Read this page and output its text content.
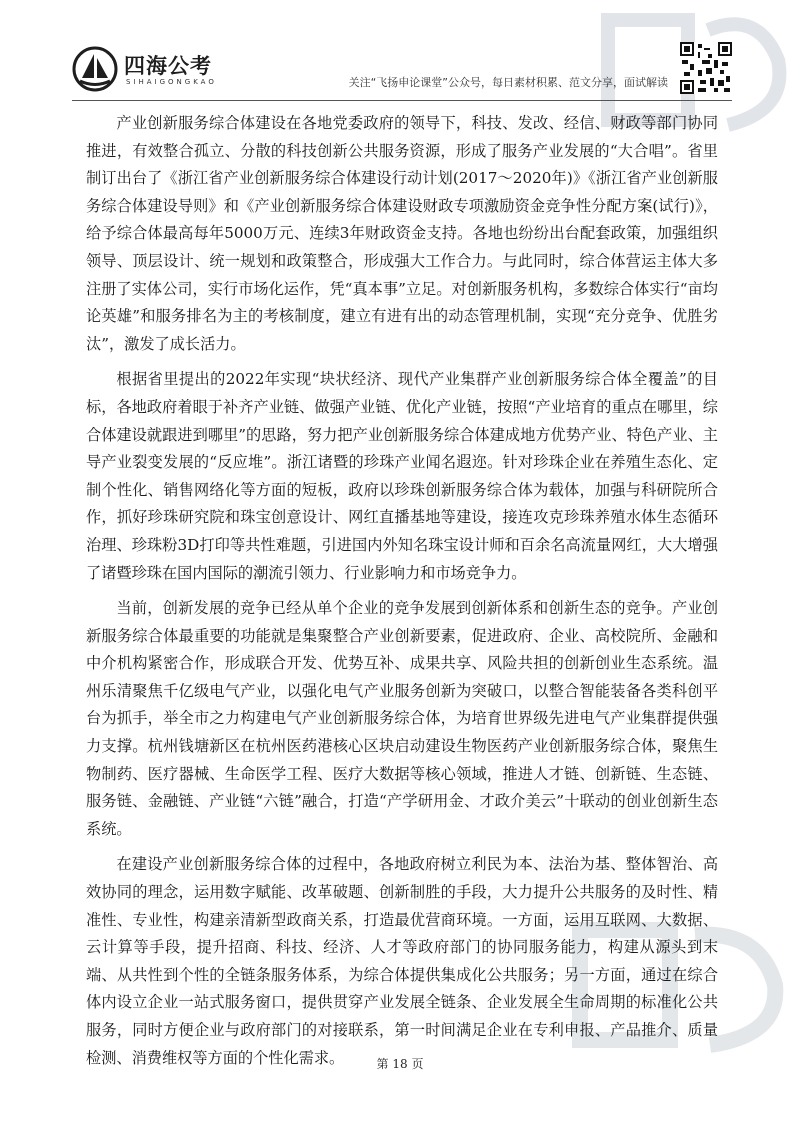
四海公考
SIHAIGONGKAO	关注“飞扬申论课堂”公众号，每日素材积累、范文分享，面试解读

产业创新服务综合体建设在各地党委政府的领导下，科技、发改、经信、财政等部门协同推进，有效整合孤立、分散的科技创新公共服务资源，形成了服务产业发展的“大合唱”。省里制订出台了《浙江省产业创新服务综合体建设行动计划(2017～2020年)》《浙江省产业创新服务综合体建设导则》和《产业创新服务综合体建设财政专项激励资金竞争性分配方案(试行)》，给予综合体最高每年5000万元、连续3年财政资金支持。各地也纷纷出台配套政策，加强组织领导、顶层设计、统一规划和政策整合，形成强大工作合力。与此同时，综合体营运主体大多注册了实体公司，实行市场化运作，凭“真本事”立足。对创新服务机构，多数综合体实行“亩均论英雄”和服务排名为主的考核制度，建立有进有出的动态管理机制，实现“充分竞争、优胜劣汰”，激发了成长活力。

根据省里提出的2022年实现“块状经济、现代产业集群产业创新服务综合体全覆盖”的目标，各地政府着眼于补齐产业链、做强产业链、优化产业链，按照“产业培育的重点在哪里，综合体建设就跟进到哪里”的思路，努力把产业创新服务综合体建成地方优势产业、特色产业、主导产业裂变发展的“反应堆”。浙江诸暨的珍珠产业闻名遐迩。针对珍珠企业在养殖生态化、定制个性化、销售网络化等方面的短板，政府以珍珠创新服务综合体为载体，加强与科研院所合作，抓好珍珠研究院和珠宝创意设计、网红直播基地等建设，接连攻克珍珠养殖水体生态循环治理、珍珠粉3D打印等共性难题，引进国内外知名珠宝设计师和百余名高流量网红，大大增强了诸暨珍珠在国内国际的潮流引领力、行业影响力和市场竞争力。

当前，创新发展的竞争已经从单个企业的竞争发展到创新体系和创新生态的竞争。产业创新服务综合体最重要的功能就是集聚整合产业创新要素，促进政府、企业、高校院所、金融和中介机构紧密合作，形成联合开发、优势互补、成果共享、风险共担的创新创业生态系统。温州乐清聚焦千亿级电气产业，以强化电气产业服务创新为突破口，以整合智能装备各类科创平台为抓手，举全市之力构建电气产业创新服务综合体，为培育世界级先进电气产业集群提供强力支撑。杭州钱塘新区在杭州医药港核心区块启动建设生物医药产业创新服务综合体，聚焦生物制药、医疗器械、生命医学工程、医疗大数据等核心领域，推进人才链、创新链、生态链、服务链、金融链、产业链“六链”融合，打造“产学研用金、才政介美云”十联动的创业创新生态系统。

在建设产业创新服务综合体的过程中，各地政府树立利民为本、法治为基、整体智治、高效协同的理念，运用数字赋能、改革破题、创新制胜的手段，大力提升公共服务的及时性、精准性、专业性，构建亲清新型政商关系，打造最优营商环境。一方面，运用互联网、大数据、云计算等手段，提升招商、科技、经济、人才等政府部门的协同服务能力，构建从源头到末端、从共性到个性的全链条服务体系，为综合体提供集成化公共服务；另一方面，通过在综合体内设立企业一站式服务窗口，提供贯穿产业发展全链条、企业发展全生命周期的标准化公共服务，同时方便企业与政府部门的对接联系，第一时间满足企业在专利申报、产品推介、质量检测、消费维权等方面的个性化需求。	第 18 页
